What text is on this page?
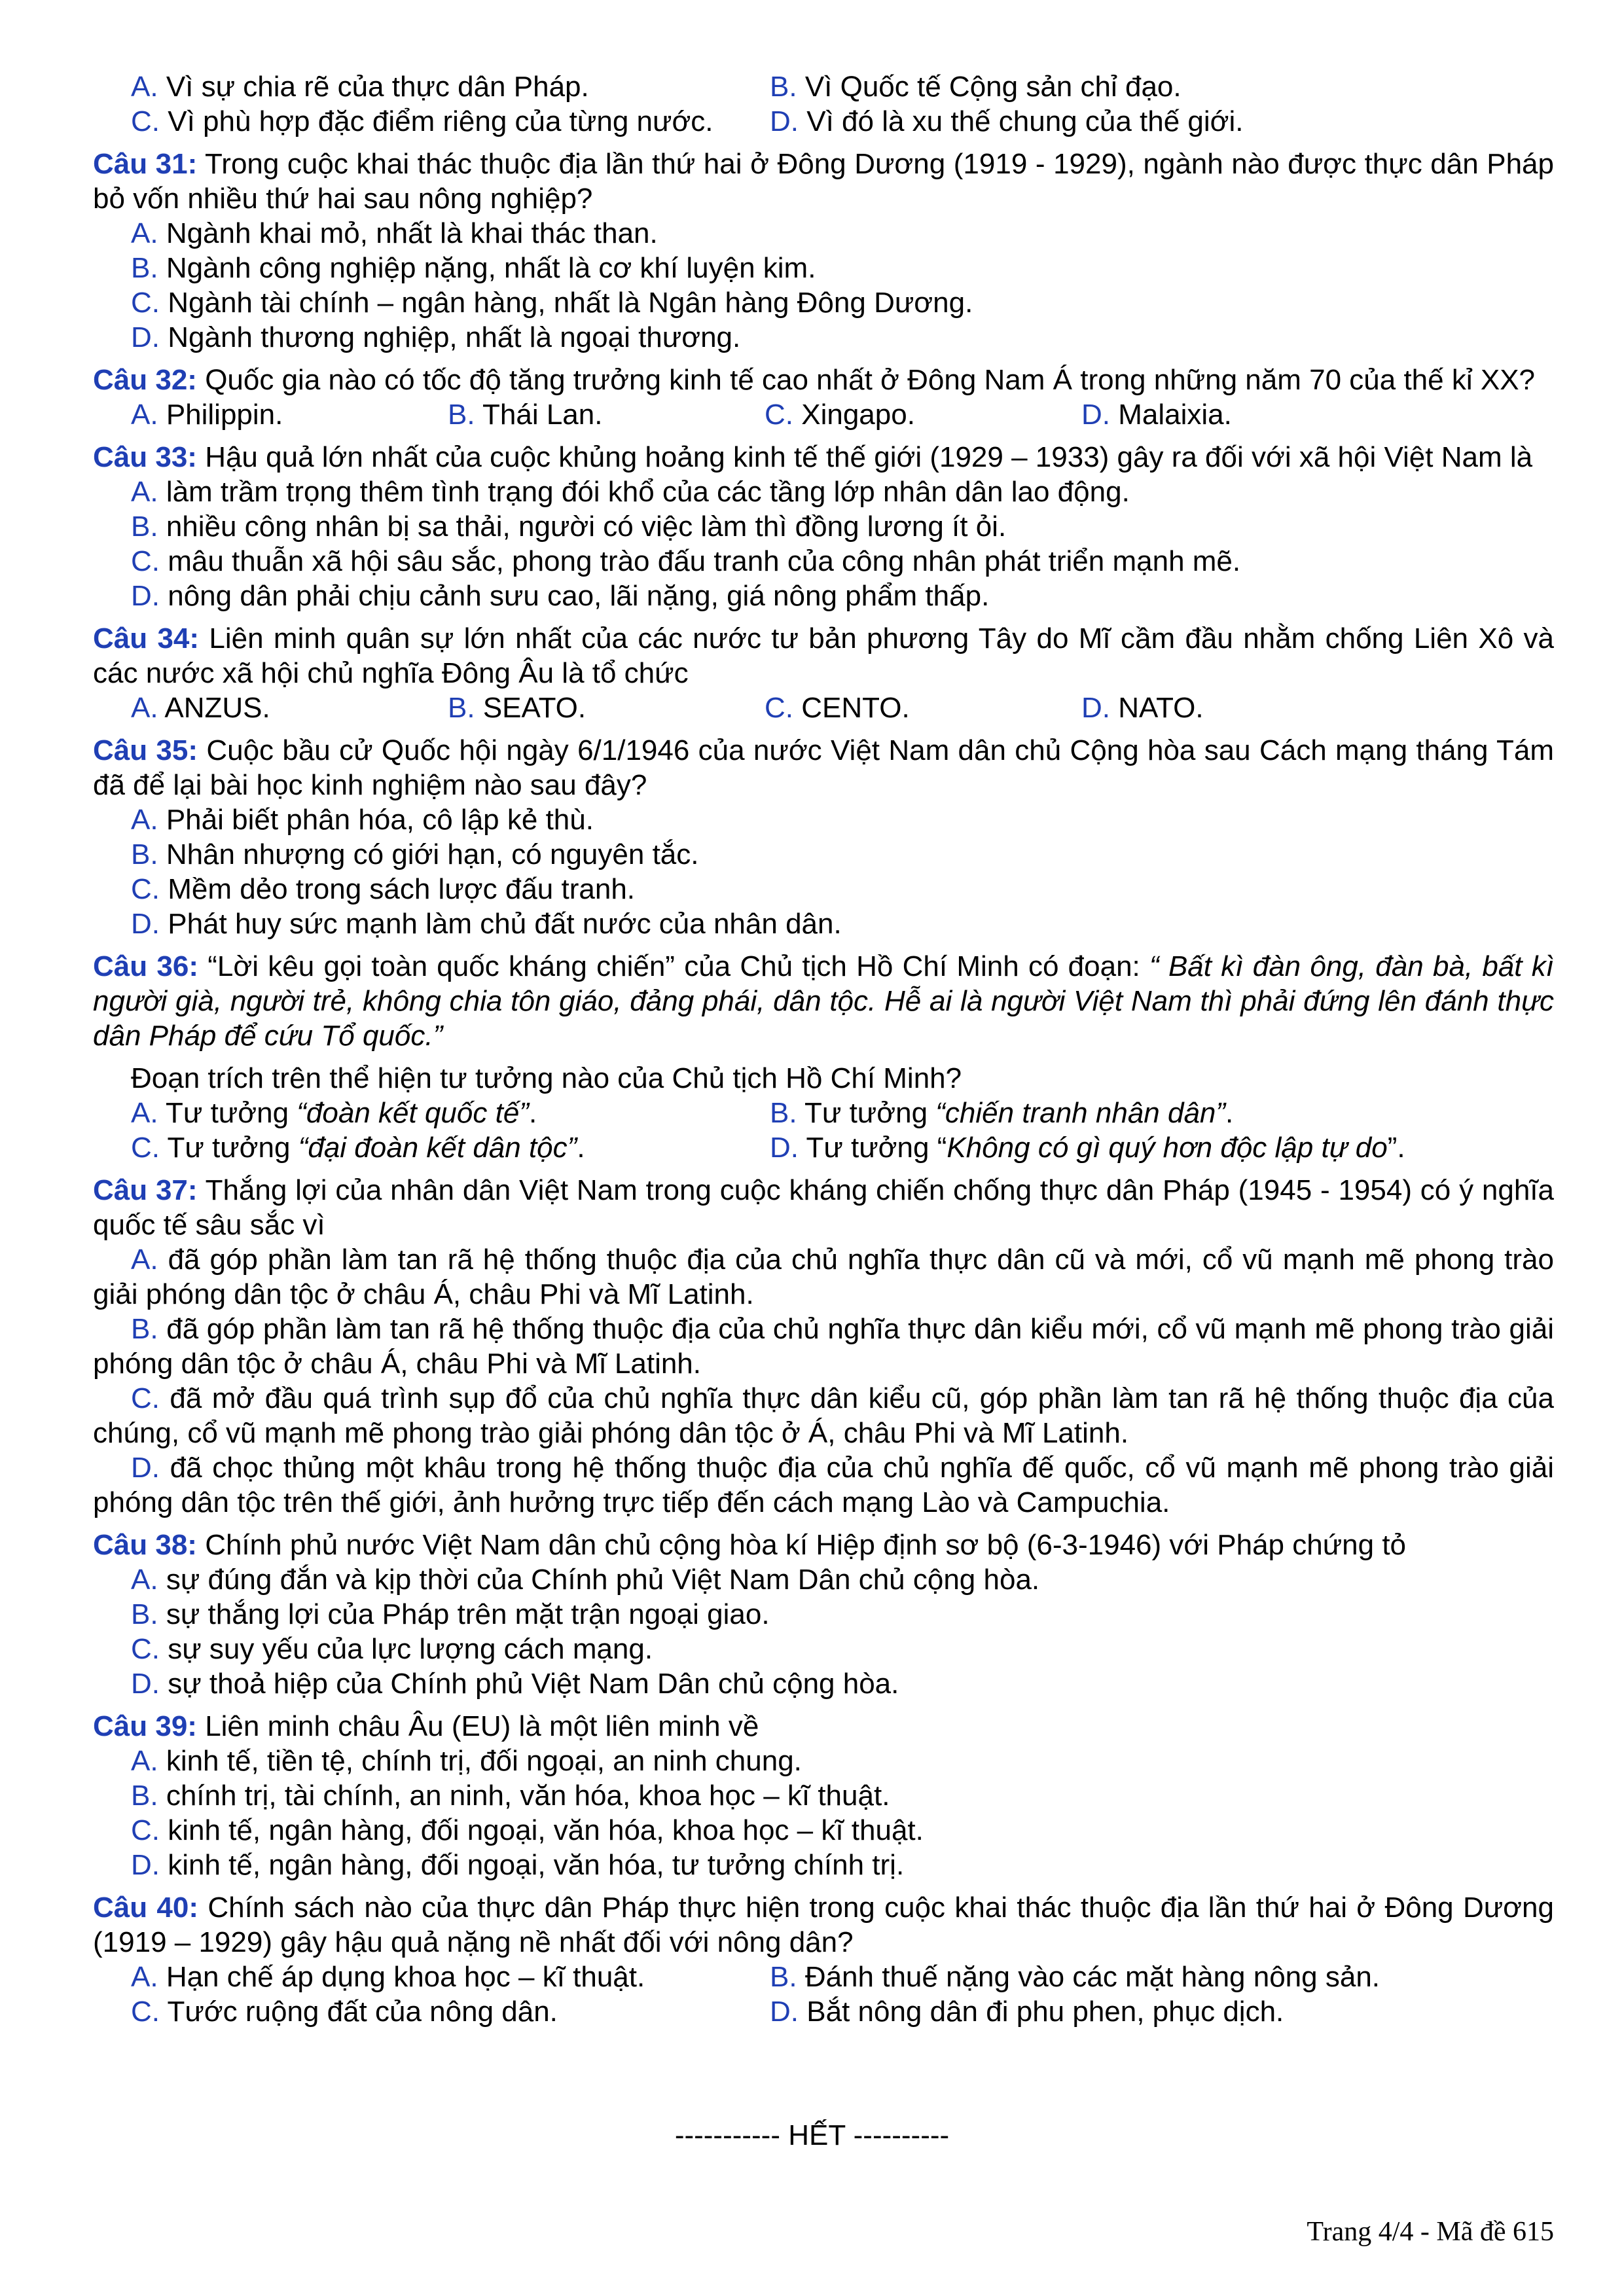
A. Vì sự chia rẽ của thực dân Pháp.	B. Vì Quốc tế Cộng sản chỉ đạo.
C. Vì phù hợp đặc điểm riêng của từng nước.	D. Vì đó là xu thế chung của thế giới.
Câu 31: Trong cuộc khai thác thuộc địa lần thứ hai ở Đông Dương (1919 - 1929), ngành nào được thực dân Pháp bỏ vốn nhiều thứ hai sau nông nghiệp?
A. Ngành khai mỏ, nhất là khai thác than.
B. Ngành công nghiệp nặng, nhất là cơ khí luyện kim.
C. Ngành tài chính – ngân hàng, nhất là Ngân hàng Đông Dương.
D. Ngành thương nghiệp, nhất là ngoại thương.
Câu 32: Quốc gia nào có tốc độ tăng trưởng kinh tế cao nhất ở Đông Nam Á trong những năm 70 của thế kỉ XX?
A. Philippin.	B. Thái Lan.	C. Xingapo.	D. Malaixia.
Câu 33: Hậu quả lớn nhất của cuộc khủng hoảng kinh tế thế giới (1929 – 1933) gây ra đối với xã hội Việt Nam là
A. làm trầm trọng thêm tình trạng đói khổ của các tầng lớp nhân dân lao động.
B. nhiều công nhân bị sa thải, người có việc làm thì đồng lương ít ỏi.
C. mâu thuẫn xã hội sâu sắc, phong trào đấu tranh của công nhân phát triển mạnh mẽ.
D. nông dân phải chịu cảnh sưu cao, lãi nặng, giá nông phẩm thấp.
Câu 34: Liên minh quân sự lớn nhất của các nước tư bản phương Tây do Mĩ cầm đầu nhằm chống Liên Xô và các nước xã hội chủ nghĩa Đông Âu là tổ chức
A. ANZUS.	B. SEATO.	C. CENTO.	D. NATO.
Câu 35: Cuộc bầu cử Quốc hội ngày 6/1/1946 của nước Việt Nam dân chủ Cộng hòa sau Cách mạng tháng Tám đã để lại bài học kinh nghiệm nào sau đây?
A. Phải biết phân hóa, cô lập kẻ thù.
B. Nhân nhượng có giới hạn, có nguyên tắc.
C. Mềm dẻo trong sách lược đấu tranh.
D. Phát huy sức mạnh làm chủ đất nước của nhân dân.
Câu 36: “Lời kêu gọi toàn quốc kháng chiến” của Chủ tịch Hồ Chí Minh có đoạn: “ Bất kì đàn ông, đàn bà, bất kì người già, người trẻ, không chia tôn giáo, đảng phái, dân tộc. Hễ ai là người Việt Nam thì phải đứng lên đánh thực dân Pháp để cứu Tổ quốc.”
Đoạn trích trên thể hiện tư tưởng nào của Chủ tịch Hồ Chí Minh?
A. Tư tưởng “đoàn kết quốc tế”.	B. Tư tưởng “chiến tranh nhân dân”.
C. Tư tưởng “đại đoàn kết dân tộc”.	D. Tư tưởng “Không có gì quý hơn độc lập tự do”.
Câu 37: Thắng lợi của nhân dân Việt Nam trong cuộc kháng chiến chống thực dân Pháp (1945 - 1954) có ý nghĩa quốc tế sâu sắc vì
A. đã góp phần làm tan rã hệ thống thuộc địa của chủ nghĩa thực dân cũ và mới, cổ vũ mạnh mẽ phong trào giải phóng dân tộc ở châu Á, châu Phi và Mĩ Latinh.
B. đã góp phần làm tan rã hệ thống thuộc địa của chủ nghĩa thực dân kiểu mới, cổ vũ mạnh mẽ phong trào giải phóng dân tộc ở châu Á, châu Phi và Mĩ Latinh.
C. đã mở đầu quá trình sụp đổ của chủ nghĩa thực dân kiểu cũ, góp phần làm tan rã hệ thống thuộc địa của chúng, cổ vũ mạnh mẽ phong trào giải phóng dân tộc ở Á, châu Phi và Mĩ Latinh.
D. đã chọc thủng một khâu trong hệ thống thuộc địa của chủ nghĩa đế quốc, cổ vũ mạnh mẽ phong trào giải phóng dân tộc trên thế giới, ảnh hưởng trực tiếp đến cách mạng Lào và Campuchia.
Câu 38: Chính phủ nước Việt Nam dân chủ cộng hòa kí Hiệp định sơ bộ (6-3-1946) với Pháp chứng tỏ
A. sự đúng đắn và kịp thời của Chính phủ Việt Nam Dân chủ cộng hòa.
B. sự thắng lợi của Pháp trên mặt trận ngoại giao.
C. sự suy yếu của lực lượng cách mạng.
D. sự thoả hiệp của Chính phủ Việt Nam Dân chủ cộng hòa.
Câu 39: Liên minh châu Âu (EU) là một liên minh về
A. kinh tế, tiền tệ, chính trị, đối ngoại, an ninh chung.
B. chính trị, tài chính, an ninh, văn hóa, khoa học – kĩ thuật.
C. kinh tế, ngân hàng, đối ngoại, văn hóa, khoa học – kĩ thuật.
D. kinh tế, ngân hàng, đối ngoại, văn hóa, tư tưởng chính trị.
Câu 40: Chính sách nào của thực dân Pháp thực hiện trong cuộc khai thác thuộc địa lần thứ hai ở Đông Dương (1919 – 1929) gây hậu quả nặng nề nhất đối với nông dân?
A. Hạn chế áp dụng khoa học – kĩ thuật.	B. Đánh thuế nặng vào các mặt hàng nông sản.
C. Tước ruộng đất của nông dân.	D. Bắt nông dân đi phu phen, phục dịch.
----------- HẾT ----------
Trang 4/4 - Mã đề 615
